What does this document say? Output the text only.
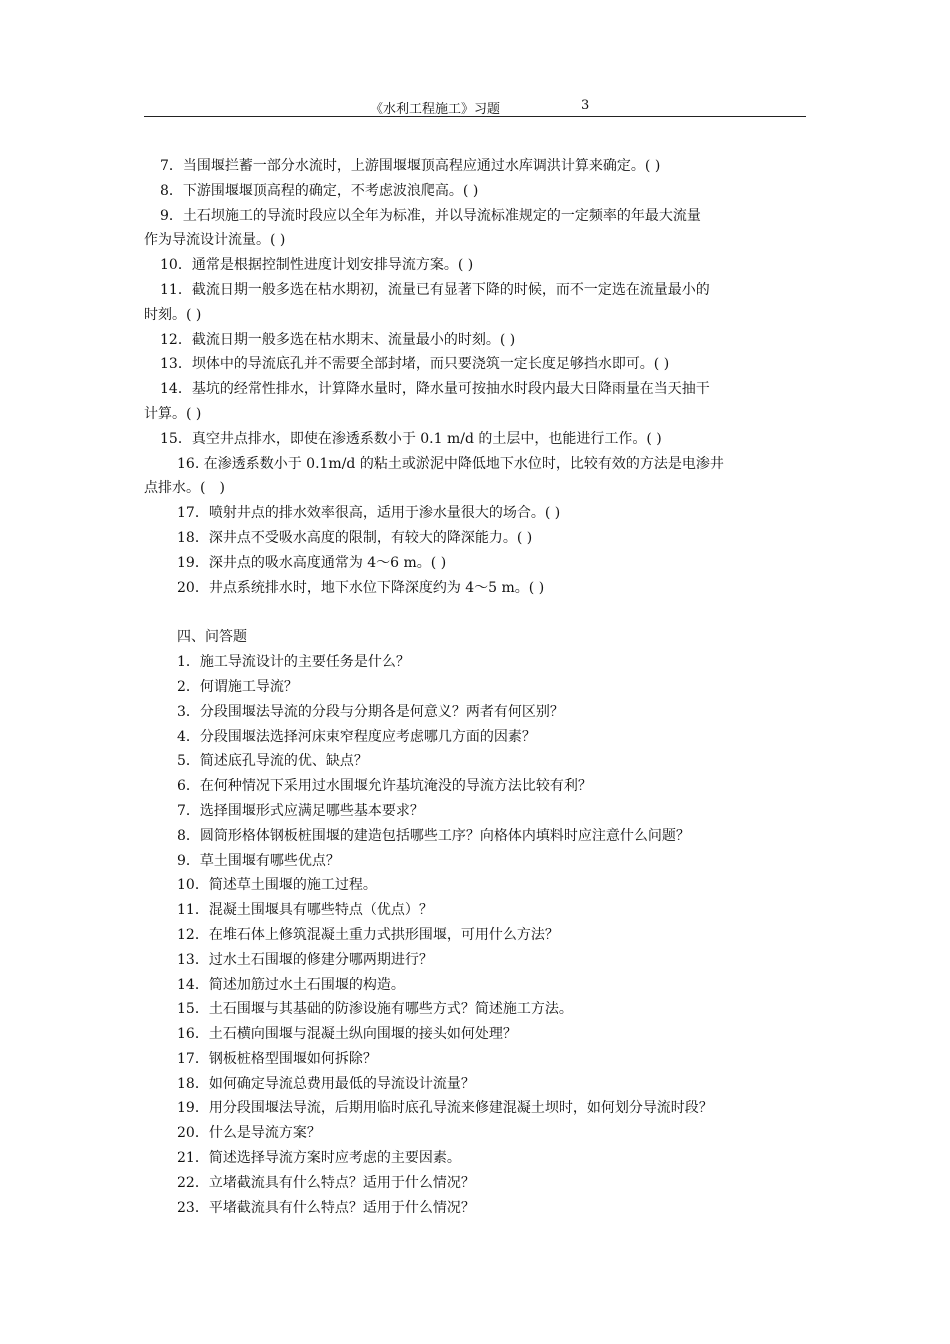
《水利工程施工》习题	3
7．当围堰拦蓄一部分水流时，上游围堰堰顶高程应通过水库调洪计算来确定。( )
8．下游围堰堰顶高程的确定，不考虑波浪爬高。( )
9．土石坝施工的导流时段应以全年为标准，并以导流标准规定的一定频率的年最大流量
作为导流设计流量。( )
10．通常是根据控制性进度计划安排导流方案。( )
11．截流日期一般多选在枯水期初，流量已有显著下降的时候，而不一定选在流量最小的
时刻。( )
12．截流日期一般多选在枯水期末、流量最小的时刻。( )
13．坝体中的导流底孔并不需要全部封堵，而只要浇筑一定长度足够挡水即可。( )
14．基坑的经常性排水，计算降水量时，降水量可按抽水时段内最大日降雨量在当天抽干
计算。( )
15．真空井点排水，即使在渗透系数小于 0.1 m/d 的土层中，也能进行工作。( )
16. 在渗透系数小于 0.1m/d 的粘土或淤泥中降低地下水位时，比较有效的方法是电渗井
点排水。(　)
17．喷射井点的排水效率很高，适用于渗水量很大的场合。( )
18．深井点不受吸水高度的限制，有较大的降深能力。( )
19．深井点的吸水高度通常为 4～6 m。( )
20．井点系统排水时，地下水位下降深度约为 4～5 m。( )
四、问答题
1．施工导流设计的主要任务是什么？
2．何谓施工导流？
3．分段围堰法导流的分段与分期各是何意义？两者有何区别？
4．分段围堰法选择河床束窄程度应考虑哪几方面的因素？
5．简述底孔导流的优、缺点？
6．在何种情况下采用过水围堰允许基坑淹没的导流方法比较有利？
7．选择围堰形式应满足哪些基本要求？
8．圆筒形格体钢板桩围堰的建造包括哪些工序？向格体内填料时应注意什么问题？
9．草土围堰有哪些优点？
10．简述草土围堰的施工过程。
11．混凝土围堰具有哪些特点（优点）？
12．在堆石体上修筑混凝土重力式拱形围堰，可用什么方法？
13．过水土石围堰的修建分哪两期进行？
14．简述加筋过水土石围堰的构造。
15．土石围堰与其基础的防渗设施有哪些方式？简述施工方法。
16．土石横向围堰与混凝土纵向围堰的接头如何处理？
17．钢板桩格型围堰如何拆除？
18．如何确定导流总费用最低的导流设计流量？
19．用分段围堰法导流，后期用临时底孔导流来修建混凝土坝时，如何划分导流时段？
20．什么是导流方案？
21．简述选择导流方案时应考虑的主要因素。
22．立堵截流具有什么特点？适用于什么情况？
23．平堵截流具有什么特点？适用于什么情况？
